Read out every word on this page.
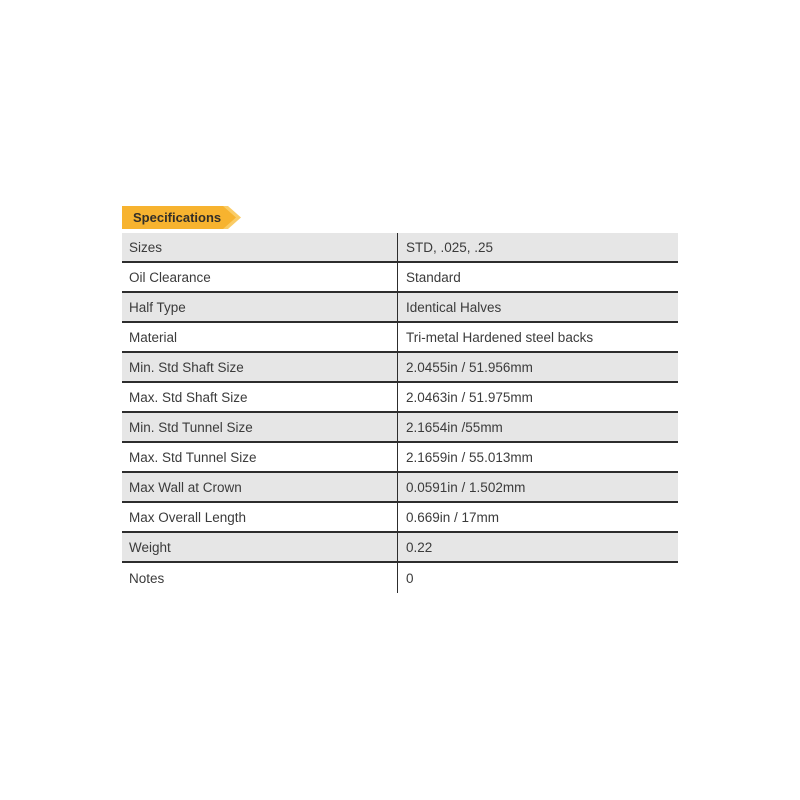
Specifications
Sizes	STD, .025, .25
Oil Clearance	Standard
Half Type	Identical Halves
Material	Tri-metal Hardened steel backs
Min. Std Shaft Size	2.0455in / 51.956mm
Max. Std Shaft Size	2.0463in / 51.975mm
Min. Std Tunnel Size	2.1654in /55mm
Max. Std Tunnel Size	2.1659in / 55.013mm
Max Wall at Crown	0.0591in / 1.502mm
Max Overall Length	0.669in / 17mm
Weight	0.22
Notes	0
